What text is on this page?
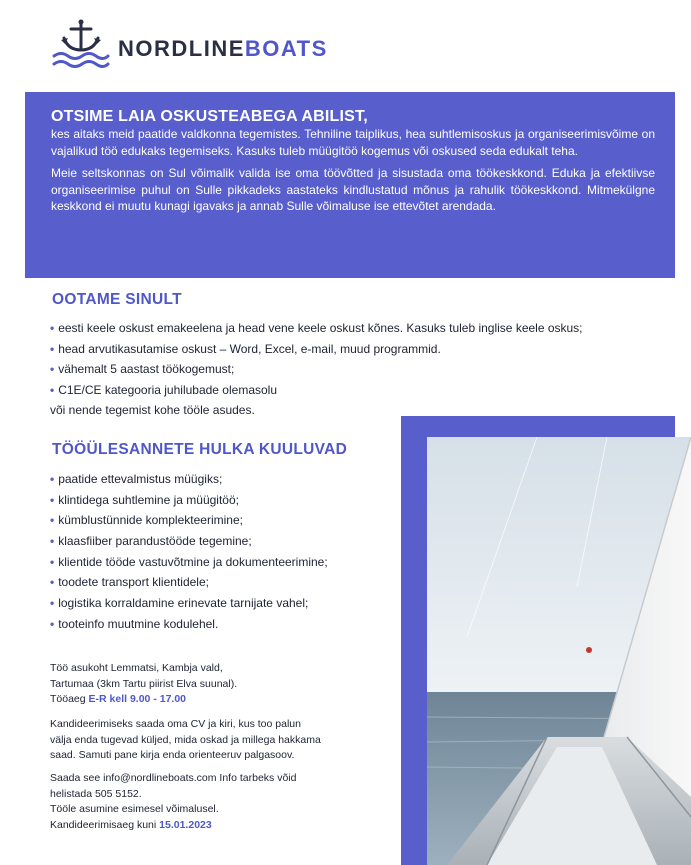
NORDLINEBOATS
OTSIME LAIA OSKUSTEABEGA ABILIST,

kes aitaks meid paatide valdkonna tegemistes. Tehniline taiplikus, hea suhtlemisoskus ja organiseerimisvõime on vajalikud töö edukaks tegemiseks. Kasuks tuleb müügitöö kogemus või oskused seda edukalt teha.

Meie seltskonnas on Sul võimalik valida ise oma töövõtted ja sisustada oma töökeskkond. Eduka ja efektiivse organiseerimise puhul on Sulle pikkadeks aastateks kindlustatud mõnus ja rahulik töökeskkond. Mitmekülgne keskkond ei muutu kunagi igavaks ja annab Sulle võimaluse ise ettevõtet arendada.

OOTAME SINULT
• eesti keele oskust emakeelena ja head vene keele oskust kõnes. Kasuks tuleb inglise keele oskus;
• head arvutikasutamise oskust – Word, Excel, e-mail, muud programmid.
• vähemalt 5 aastast töökogemust;
• C1E/CE kategooria juhilubade olemasolu
või nende tegemist kohe tööle asudes.
TÖÖÜLESANNETE HULKA KUULUVAD
• paatide ettevalmistus müügiks;
• klintidega suhtlemine ja müügitöö;
• kümblustünnide komplekteerimine;
• klaasfiiber parandustööde tegemine;
• klientide tööde vastuvõtmine ja dokumenteerimine;
• toodete transport klientidele;
• logistika korraldamine erinevate tarnijate vahel;
• tooteinfo muutmine kodulehel.

Töö asukoht Lemmatsi, Kambja vald,

Tartumaa (3km Tartu piirist Elva suunal).

Tööaeg E-R kell 9.00 - 17.00

Kandideerimiseks saada oma CV ja kiri, kus too palun

välja enda tugevad küljed, mida oskad ja millega hakkama

saad. Samuti pane kirja enda orienteeruv palgasoov.

Saada see info@nordlineboats.com Info tarbeks võid

helistada 505 5152.

Tööle asumine esimesel võimalusel.

Kandideerimisaeg kuni 15.01.2023
